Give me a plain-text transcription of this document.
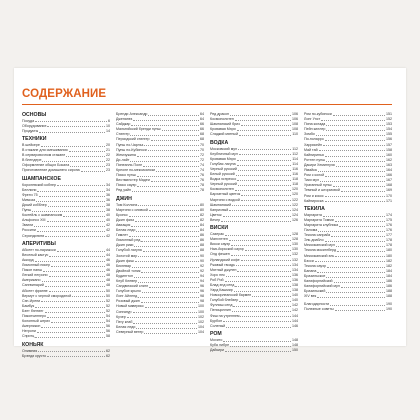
СОДЕРЖАНИЕ
ОСНОВЫ
Посуда	6
Оборудование	10
Продукты	14
ТЕХНИКИ
В шейкере	20
В стакане для смешивания	21
В сервировочном стакане	22
В блендере	22
Оформление общих Бокала	23
Приготовление домашнего сиропа	23
ШАМПАНСКОЕ
Королевский коблер	34
Беллини	34
Френч 75	36
Мимоза	36
Дикий кобблер	38
Пунш	38
Коктейль с шампанским	40
Альфонсо XIII	40
Эмили	42
Россини	42
Сериндипити	42
АПЕРИТИВЫ
Абсент по-парижски	44
Веселый кактус	44
Аккорд	46
Лимонный пикер	46
Пикон панш	46
Легкий негрони	48
Американо	48
Сангвинарий	48
Абсент фраппе	50
Вермут с черной смородиной	50
Сэн-Ирени	52
Бамбук	52
Бэнт бэнтинг	52
Пикончиннеро	54
Колонный штрих	54
Амерпикон	56
Негрони	56
Спритц	58
КОНЬЯК
Олимпия	62
Брэнди крусто	62
Бренди Александр	64
Джепанез	64
Сайдкар	66
Мальтийский бренди пунш	66
Стингер	68
Персидский стингер	68
Пунш по-Чарльз	70
Пунш по-Кубински	70
Жемчужина	72
Ди-лайт	72
Пинеапль Поле	74
Креоле по-мексикански	74
Писко пунш	76
Вестминстер Мадеи	76
Писко сауэр	78
Ред уайн	78
ДЖИН
Том Коллинз	80
Мартини с оливкой	80
Бронкс	82
Джин физз	82
Авиация	84
Белая леди	84
Гимлет	86
Лимонный ред	86
Джин рики	88
Голубой лагуна	88
Золотой мир	90
Джин фиш	90
Бюлевар	92
Двойной тоник	92
Будингтон	94
Клуб Клевер	94
Сандвичский слинг	96
Голубое крыло	96
Лонг Айленд	98
Розовый джин	98
Новый маверикс	100
Сингапур	100
Кучер	102
Пегу клаб	102
Белая леди	104
Северный ветер	104
Ред дракон	106
Космополитен	106
Шампанский бриз	108
Кровавая Мэри	108
Сладкий мятный	110
ВОДКА
Московский мул	112
Клубничный мул	112
Кровавая Мэри	114
Голубая лагуна	114
Черный русский	116
Белый русский	116
Водка эспрессо	118
Черный русский	118
Космополитен	120
Бархатный цветок	120
Мартини с водкой	122
Шампанский	122
Капризный	124
Цветок	124
Вечер	126
ВИСКИ
Сазерак	128
Манхэттен	128
Виски сауэр	130
Нью-йоркский сауэр	130
Олд фешен	132
Ирландский кофе	132
Ржавый гвоздь	134
Мятный джулеп	134
Хорс нек	136
Роб Рой	136
Блад энд сенд	138
Уард Кашмир	138
Новоорлеанский бармен	140
Голубой блейзер	140
Фуллиш сенд	142
Пенициллин	142
Фиш на утреннем	144
Бурбон	144
Соленый	146
РОМ
Мохито	148
Куба либре	148
Дайкири	150
Ром по-кубински	151
Лонг Уэст	152
Пина колада	153
Пейн киллер	154
Зомби	155
Пи-поларро	156
Харрикейн	157
Май тай	158
Кайпиринья	160
Роттен пунш	162
Дакири Хемингуэя	163
Ямайка	164
Ром с колой	166
Тики мул	167
Ураганный пунш	168
Темный и штормовой	169
Ром и кокос	170
Кайпироска	171
ТЕКИЛА
Маргарита	174
Маргарита Томми	175
Маргарита клубника	176
Палома	176
Текила санрайз	177
Эль диабло	178
Мексиканский мул	178
Текила мокингберд	180
Мексиканский эль	180
Бэсси	182
Текила сауэр	182
Банана	184
Бразильское	184
Калифорнийский	186
Калифорнийский мул	186
Бразильский	188
XIV век	188
Благодарности	190
Полезные советы	190
